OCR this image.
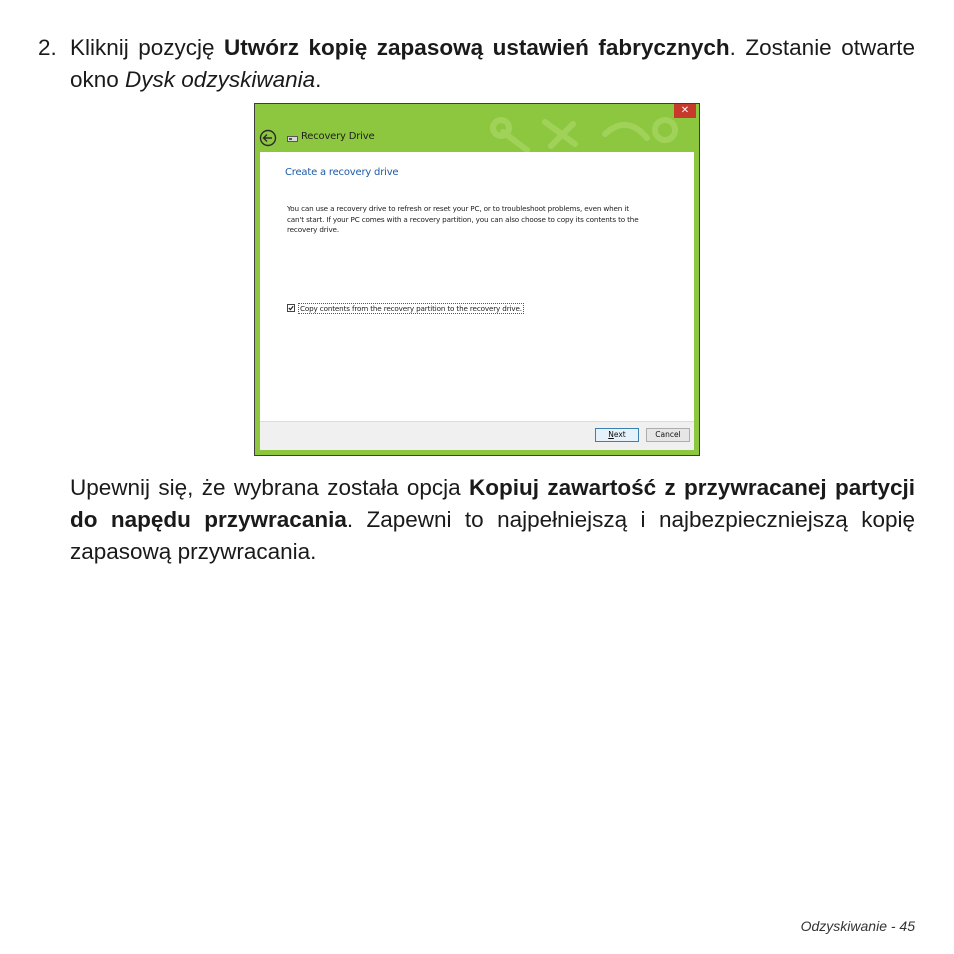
2. Kliknij pozycję Utwórz kopię zapasową ustawień fabrycznych. Zostanie otwarte okno Dysk odzyskiwania.
✕
Recovery Drive
Create a recovery drive
You can use a recovery drive to refresh or reset your PC, or to troubleshoot problems, even when it can't start. If your PC comes with a recovery partition, you can also choose to copy its contents to the recovery drive.
Copy contents from the recovery partition to the recovery drive.
Next	Cancel
Upewnij się, że wybrana została opcja Kopiuj zawartość z przywracanej partycji do napędu przywracania. Zapewni to najpełniejszą i najbezpieczniejszą kopię zapasową przywracania.
Odzyskiwanie - 45
